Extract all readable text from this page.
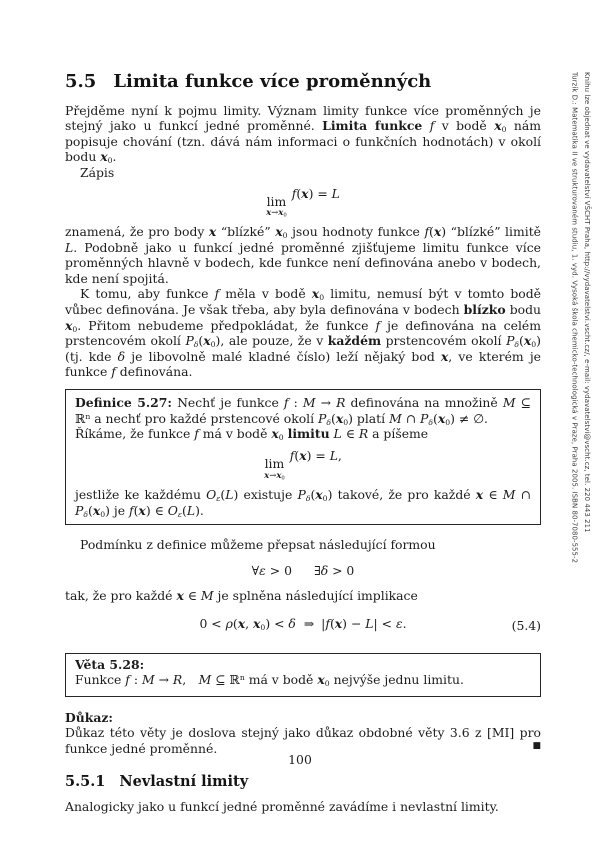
Turzík D.: Matematika II ve strukturovaném studiu, 1. vyd. Vysoká škola chemicko-technologická v Praze, Praha 2005. ISBN 80-7080-555-2 Knihu lze objednat ve vydavatelství VŠCHT Praha, http://vydavatelstvi.vscht.cz/, e-mail: vydavatelstvi@vscht.cz, tel. 220 443 211
5.5 Limita funkce více proměnných

Přejděme nyní k pojmu limity. Význam limity funkce více proměnných je stejný jako u funkcí jedné proměnné. Limita funkce f v bodě $x_0$ nám popisuje chování (tzn. dává nám informaci o funkčních hodnotách) v okolí bodu $x_0$.

Zápis

lim
$x\to x_0$
f(x) = L

znamená, že pro body x “blízké” $x_0$ jsou hodnoty funkce f(x) “blízké” limitě L. Podobně jako u funkcí jedné proměnné zjišťujeme limitu funkce více proměnných hlavně v bodech, kde funkce není definována anebo v bodech, kde není spojitá.

K tomu, aby funkce f měla v bodě $x_0$ limitu, nemusí být v tomto bodě vůbec definována. Je však třeba, aby byla definována v bodech blízko bodu $x_0$. Přitom nebudeme předpokládat, že funkce f je definována na celém prstencovém okolí $P_\delta(x_0)$, ale pouze, že v každém prstencovém okolí $P_\delta(x_0)$ (tj. kde δ je libovolně malé kladné číslo) leží nějaký bod x, ve kterém je funkce f definována.

Definice 5.27: Nechť je funkce f : M → R definována na množině M ⊆ ℝ$^n$ a nechť pro každé prstencové okolí $P_\delta(x_0)$ platí M ∩ $P_\delta(x_0)$ ≠ ∅.

Říkáme, že funkce f má v bodě $x_0$ limitu L ∈ R a píšeme

lim
$x\to x_0$
f(x) = L,

jestliže ke každému $O_\varepsilon(L)$ existuje $P_\delta(x_0)$ takové, že pro každé x ∈ M ∩ $P_\delta(x_0)$ je f(x) ∈ $O_\varepsilon(L)$.

Podmínku z definice můžeme přepsat následující formou

∀ε > 0 ∃δ > 0

tak, že pro každé x ∈ M je splněna následující implikace

0 < ρ(x, $x_0) < \delta$ ⇒ |f(x) − L| < ε.	(5.4)

Věta 5.28:

Funkce f : M → R,  M ⊆ ℝ$^n$ má v bodě $x_0$ nejvýše jednu limitu.

Důkaz:

Důkaz této věty je doslova stejný jako důkaz obdobné věty 3.6 z [MI] pro funkce jedné proměnné.	■
5.5.1 Nevlastní limity

Analogicky jako u funkcí jedné proměnné zavádíme i nevlastní limity.

100
